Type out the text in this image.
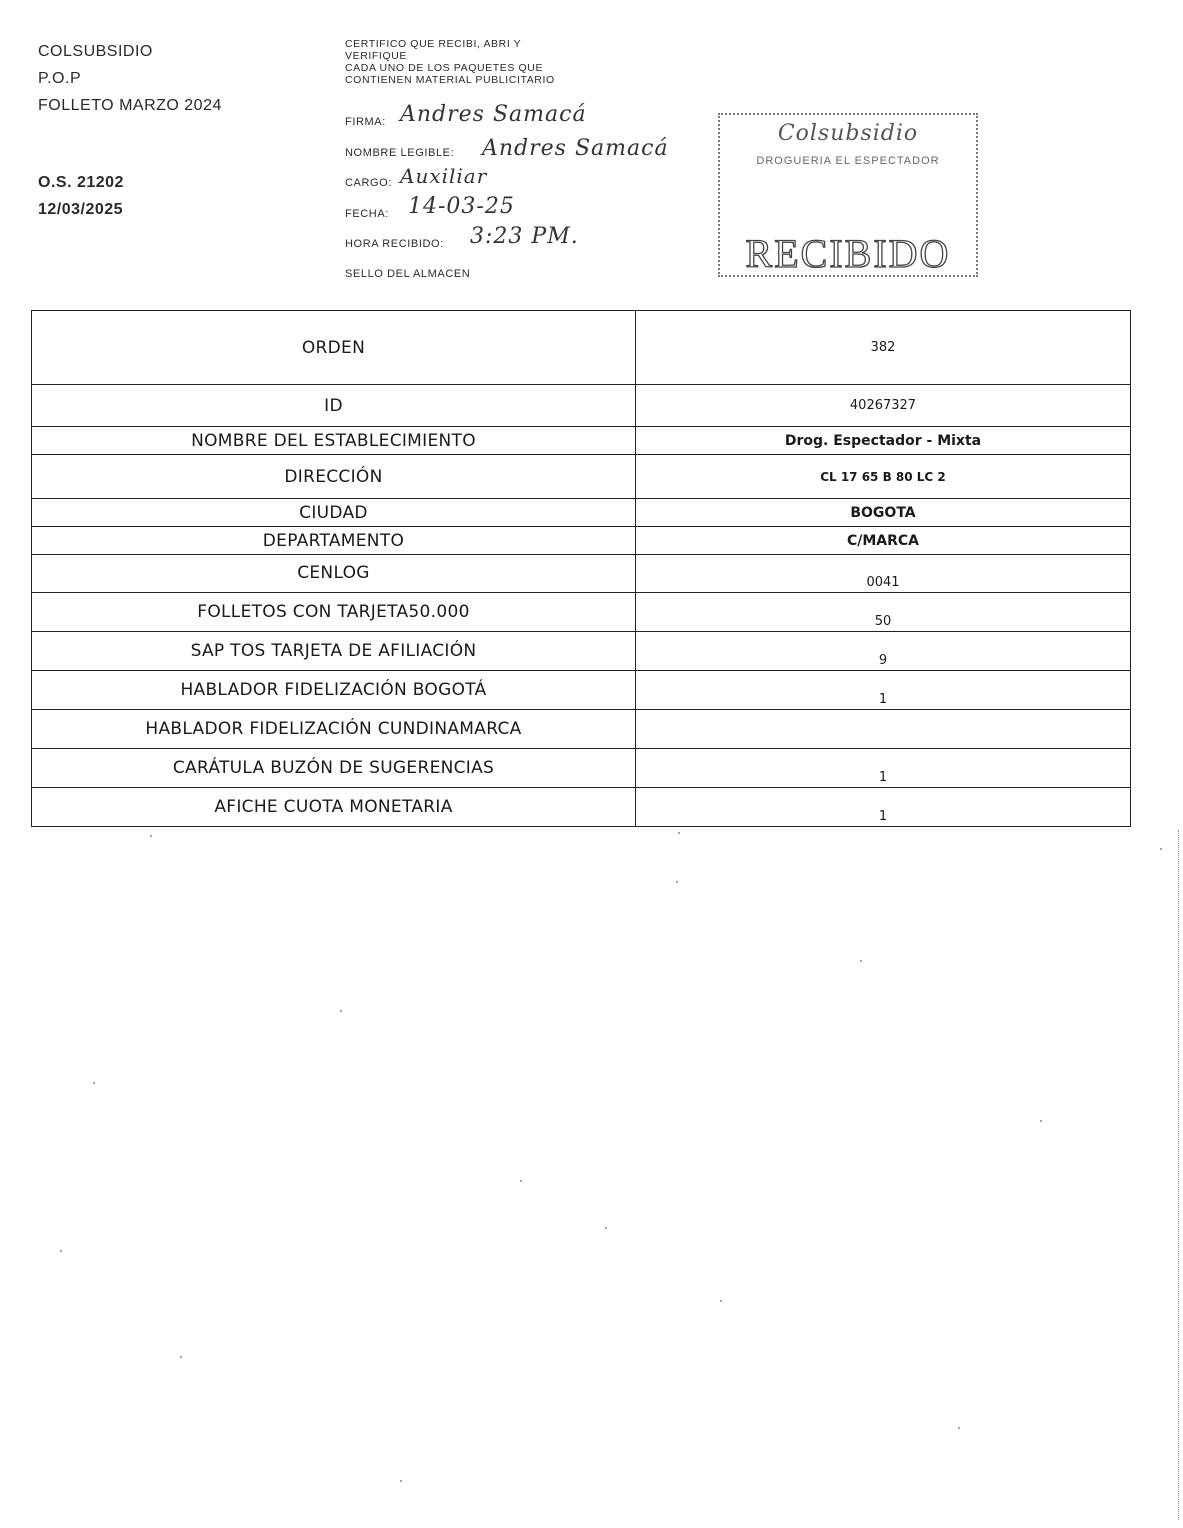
COLSUBSIDIO
P.O.P
FOLLETO MARZO 2024
O.S. 21202
12/03/2025
CERTIFICO QUE RECIBI, ABRI Y
VERIFIQUE
CADA UNO DE LOS PAQUETES QUE
CONTIENEN MATERIAL PUBLICITARIO
FIRMA: Andres Samacá
NOMBRE LEGIBLE: Andres Samacá
CARGO: Auxiliar
FECHA: 14-03-25
HORA RECIBIDO: 3:23 PM.
SELLO DEL ALMACEN
Colsubsidio
DROGUERIA EL ESPECTADOR
RECIBIDO
ORDEN	382
ID	40267327
NOMBRE DEL ESTABLECIMIENTO	Drog. Espectador - Mixta
DIRECCIÓN	CL 17 65 B 80 LC 2
CIUDAD	BOGOTA
DEPARTAMENTO	C/MARCA
CENLOG	0041
FOLLETOS CON TARJETA50.000	50
SAP TOS TARJETA DE AFILIACIÓN	9
HABLADOR FIDELIZACIÓN BOGOTÁ	1
HABLADOR FIDELIZACIÓN CUNDINAMARCA	
CARÁTULA BUZÓN DE SUGERENCIAS	1
AFICHE CUOTA MONETARIA	1
